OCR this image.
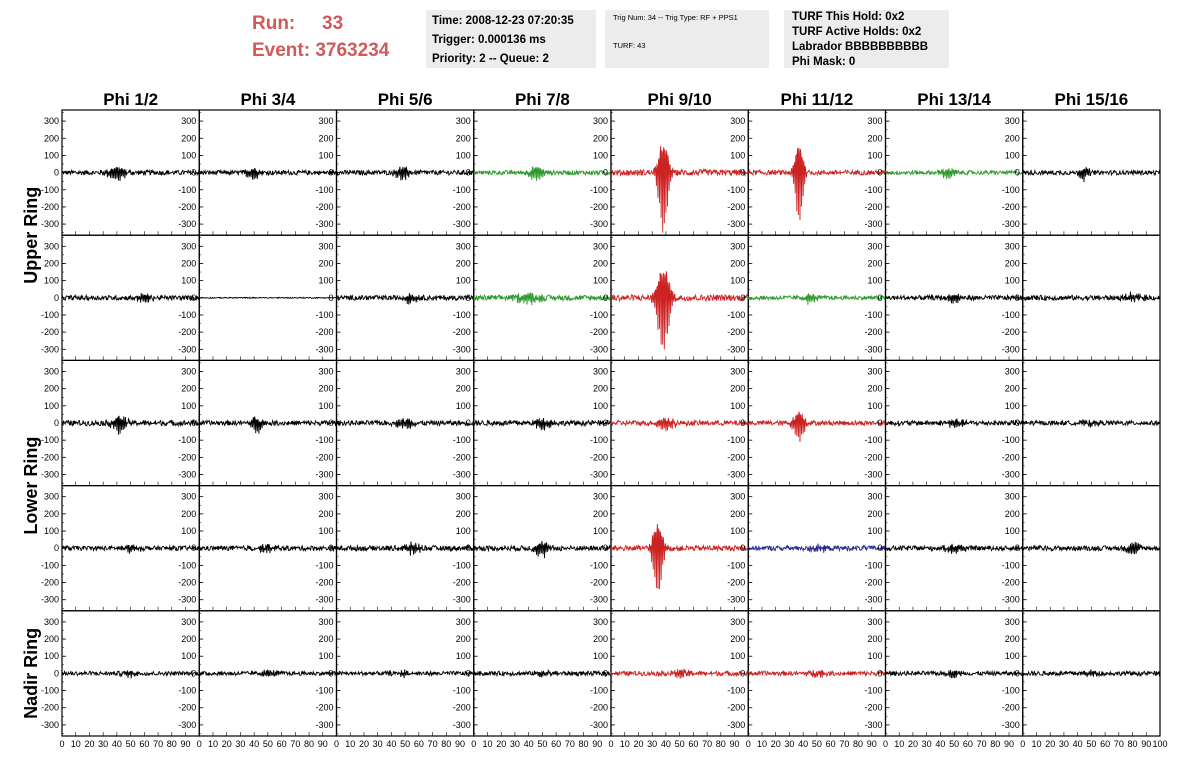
Run: 33
Event: 3763234
Time: 2008-12-23 07:20:35
Trigger: 0.000136 ms
Priority: 2 -- Queue: 2
Trig Num: 34 -- Trig Type: RF + PPS1
TURF: 43
TURF This Hold: 0x2
TURF Active Holds: 0x2
Labrador BBBBBBBBBB
Phi Mask: 0
Phi 1/2	Phi 3/4	Phi 5/6	Phi 7/8	Phi 9/10	Phi 11/12	Phi 13/14	Phi 15/16
Upper Ring
Lower Ring
Nadir Ring
300
200
100
0
-100
-200
-300
300
200
100
0
-100
-200
-300
300
200
100
0
-100
-200
-300
300
200
100
0
-100
-200
-300
300
200
100
0
-100
-200
-300
300
200
100
0
-100
-200
-300
300
200
100
0
-100
-200
-300
300
200
100
0
-100
-200
-300
300
200
100
0
-100
-200
-300
300
200
100
0
-100
-200
-300
300
200
100
0
-100
-200
-300
300
200
100
0
-100
-200
-300
300
200
100
0
-100
-200
-300
300
200
100
0
-100
-200
-300
300
200
100
0
-100
-200
-300
300
200
100
0
-100
-200
-300
300
200
100
0
-100
-200
-300
300
200
100
0
-100
-200
-300
300
200
100
0
-100
-200
-300
300
200
100
0
-100
-200
-300
300
200
100
0
-100
-200
-300
300
200
100
0
-100
-200
-300
300
200
100
0
-100
-200
-300
300
200
100
0
-100
-200
-300
300
200
100
0
-100
-200
-300
300
200
100
0
-100
-200
-300
300
200
100
0
-100
-200
-300
300
200
100
0
-100
-200
-300
300
200
100
0
-100
-200
-300
300
200
100
0
-100
-200
-300
300
200
100
0
-100
-200
-300
300
200
100
0
-100
-200
-300
300
200
100
0
-100
-200
-300
300
200
100
0
-100
-200
-300
300
200
100
0
-100
-200
-300
300
200
100
0
-100
-200
-300
300
200
100
0
-100
-200
-300
300
200
100
0
-100
-200
-300
300
200
100
0
-100
-200
-300
300
200
100
0
-100
-200
-300
0 10 20 30 40 50 60 70 80 90 0 10 20 30 40 50 60 70 80 90 0 10 20 30 40 50 60 70 80 90 0 10 20 30 40 50 60 70 80 90 0 10 20 30 40 50 60 70 80 90 0 10 20 30 40 50 60 70 80 90 0 10 20 30 40 50 60 70 80 90 0 10 20 30 40 50 60 70 80 90 100
